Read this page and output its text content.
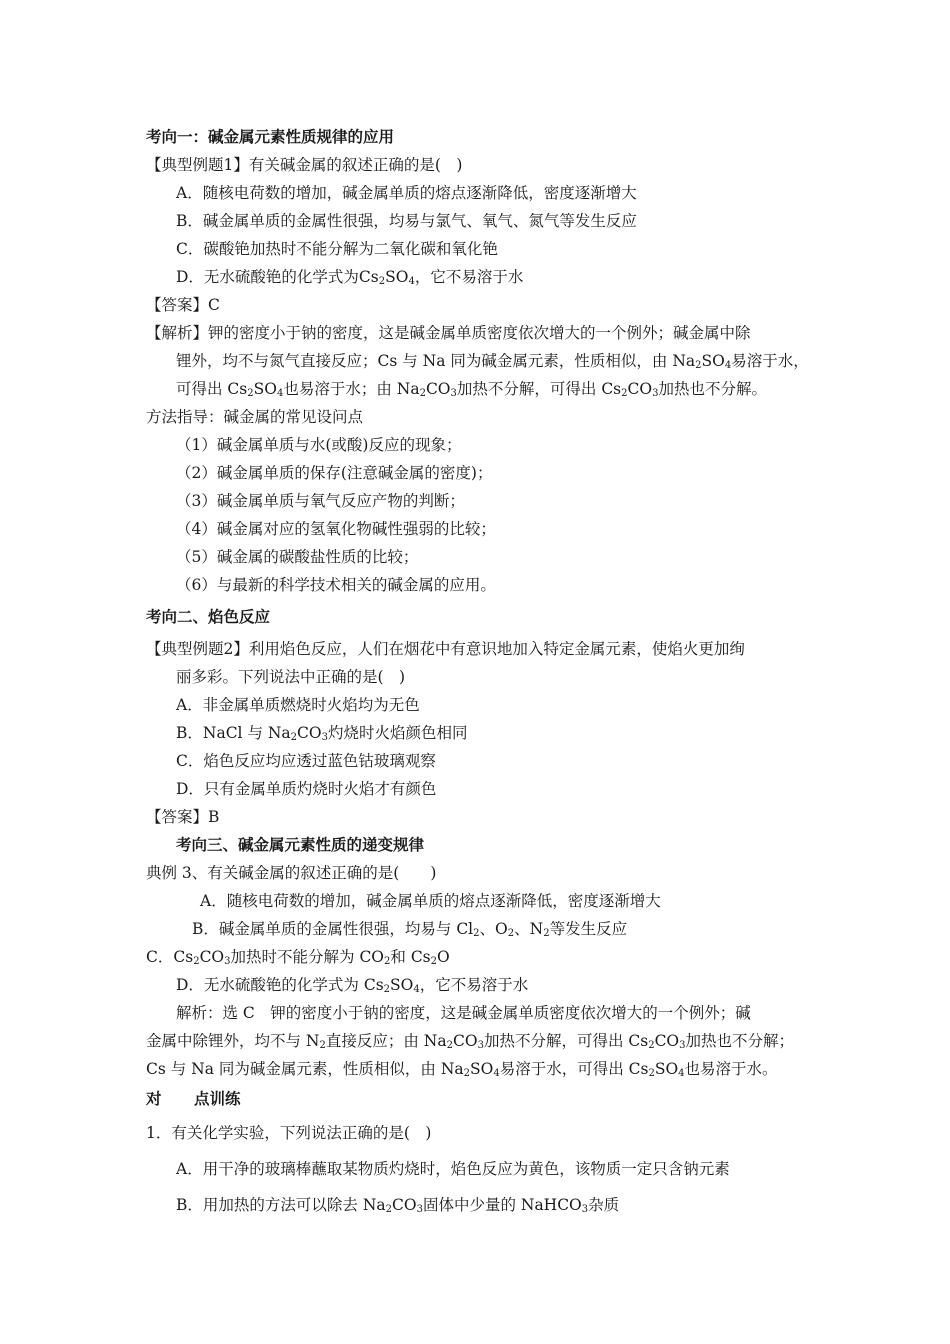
考向一：碱金属元素性质规律的应用
【典型例题1】有关碱金属的叙述正确的是(　)
A．随核电荷数的增加，碱金属单质的熔点逐渐降低，密度逐渐增大
B．碱金属单质的金属性很强，均易与氯气、氧气、氮气等发生反应
C．碳酸铯加热时不能分解为二氧化碳和氧化铯
D．无水硫酸铯的化学式为$Cs_2SO_4$，它不易溶于水
【答案】C
【解析】钾的密度小于钠的密度，这是碱金属单质密度依次增大的一个例外；碱金属中除
锂外，均不与氮气直接反应；Cs 与 Na 同为碱金属元素，性质相似，由 $Na_2SO_4$易溶于水，
可得出 $Cs_2SO_4$也易溶于水；由 $Na_2CO_3$加热不分解，可得出 $Cs_2CO_3$加热也不分解。
方法指导：碱金属的常见设问点
（1）碱金属单质与水(或酸)反应的现象；
（2）碱金属单质的保存(注意碱金属的密度)；
（3）碱金属单质与氧气反应产物的判断；
（4）碱金属对应的氢氧化物碱性强弱的比较；
（5）碱金属的碳酸盐性质的比较；
（6）与最新的科学技术相关的碱金属的应用。
考向二、焰色反应
【典型例题2】利用焰色反应，人们在烟花中有意识地加入特定金属元素，使焰火更加绚
丽多彩。下列说法中正确的是(　)
A．非金属单质燃烧时火焰均为无色
B．NaCl 与 $Na_2CO_3$灼烧时火焰颜色相同
C．焰色反应均应透过蓝色钴玻璃观察
D．只有金属单质灼烧时火焰才有颜色
【答案】B
考向三、碱金属元素性质的递变规律
典例 3、有关碱金属的叙述正确的是(　　)
A．随核电荷数的增加，碱金属单质的熔点逐渐降低，密度逐渐增大
B．碱金属单质的金属性很强，均易与 $Cl_2$、$O_2$、$N_2$等发生反应
C．$Cs_2CO_3$加热时不能分解为 $CO_2$和 $Cs_2O$
D．无水硫酸铯的化学式为 $Cs_2SO_4$，它不易溶于水
解析：选 C　钾的密度小于钠的密度，这是碱金属单质密度依次增大的一个例外；碱
金属中除锂外，均不与 $N_2$直接反应；由 $Na_2CO_3$加热不分解，可得出 $Cs_2CO_3$加热也不分解；
Cs 与 Na 同为碱金属元素，性质相似，由 $Na_2SO_4$易溶于水，可得出 $Cs_2SO_4$也易溶于水。
对 点训练
1．有关化学实验，下列说法正确的是(　)
A．用干净的玻璃棒蘸取某物质灼烧时，焰色反应为黄色，该物质一定只含钠元素
B．用加热的方法可以除去 $Na_2CO_3$固体中少量的 NaHCO$_3$杂质
